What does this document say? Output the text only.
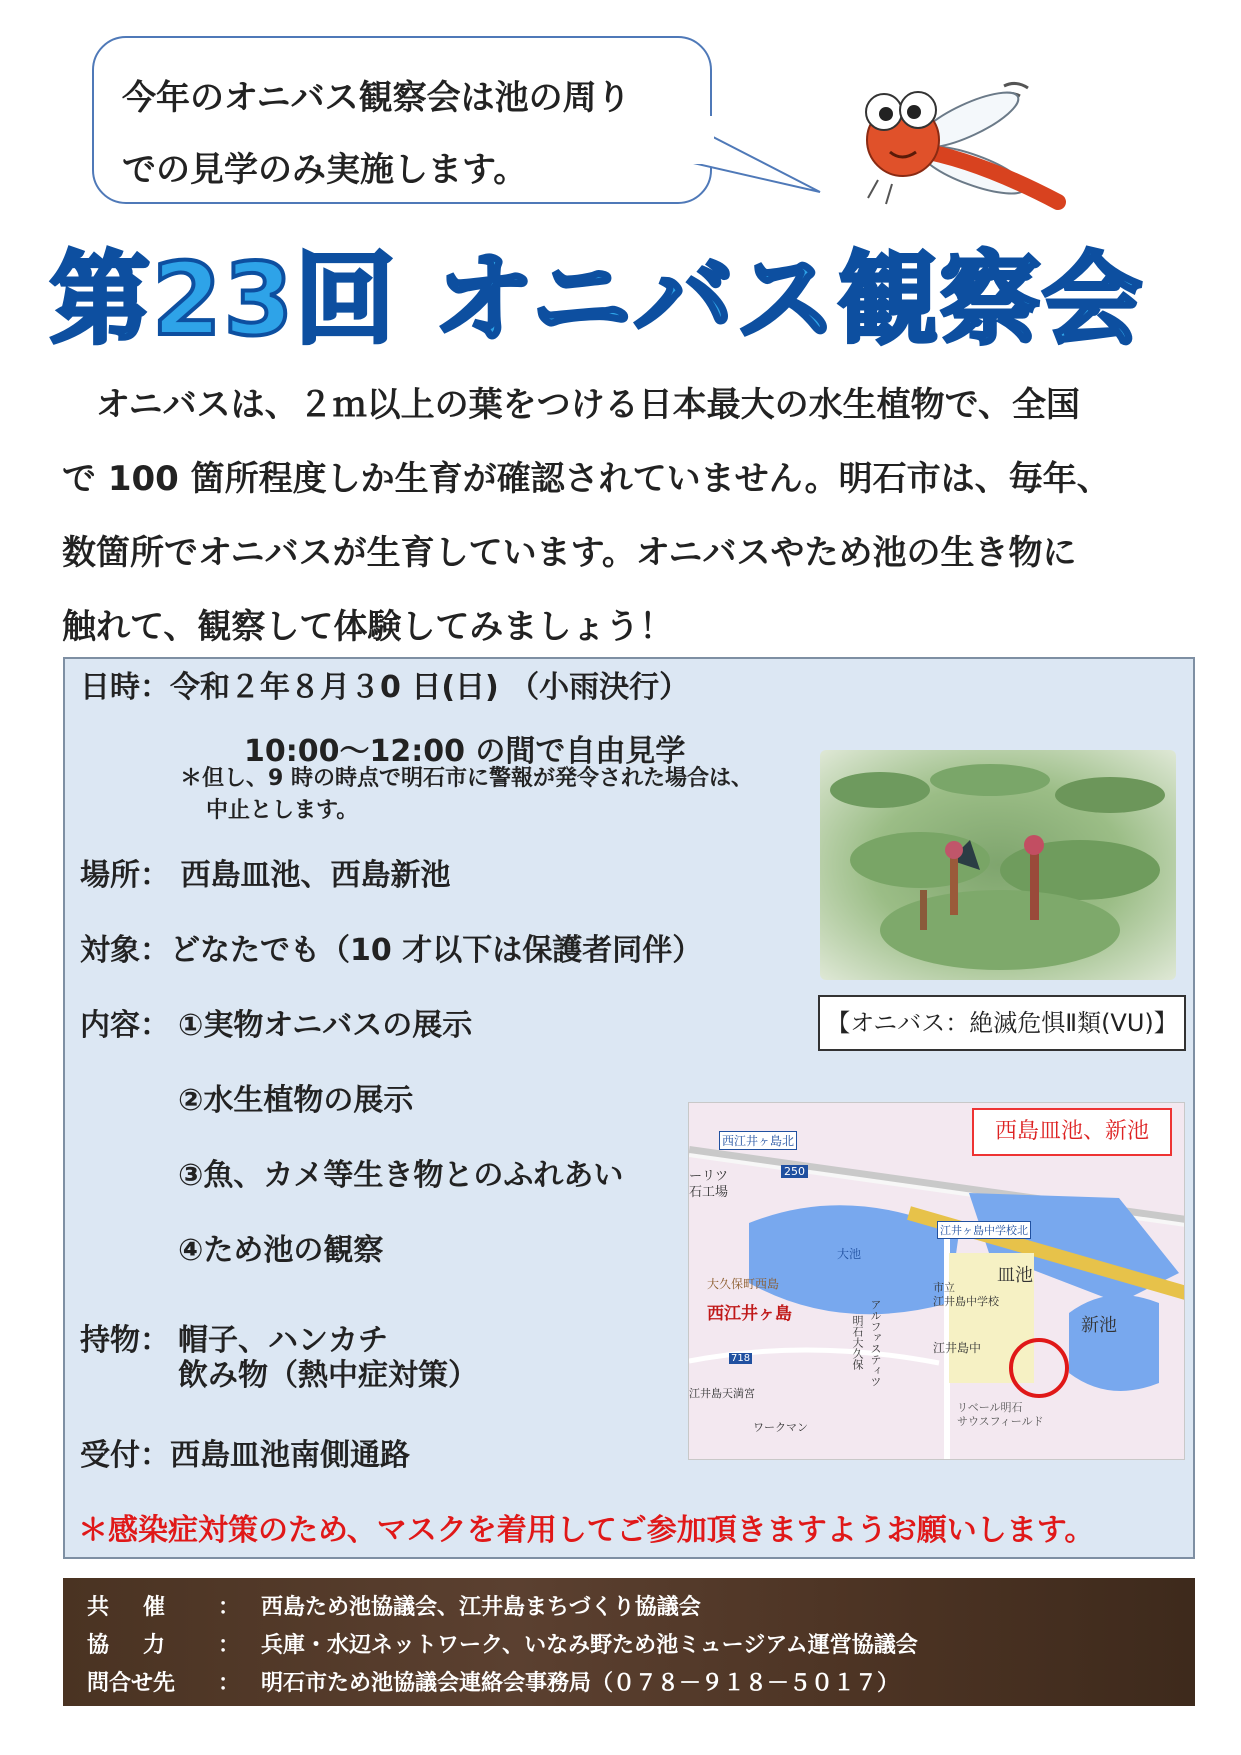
今年のオニバス観察会は池の周り
での見学のみ実施します。
第23回 オニバス観察会
オニバスは、２ｍ以上の葉をつける日本最大の水生植物で、全国
で 100 箇所程度しか生育が確認されていません。明石市は、毎年、
数箇所でオニバスが生育しています。オニバスやため池の生き物に
触れて、観察して体験してみましょう！
日時：令和２年８月３0 日(日) （小雨決行）
10:00～12:00 の間で自由見学
＊但し、9 時の時点で明石市に警報が発令された場合は、
中止とします。
場所： 西島皿池、西島新池
対象：どなたでも（10 才以下は保護者同伴）
内容： ①実物オニバスの展示
②水生植物の展示
③魚、カメ等生き物とのふれあい
④ため池の観察
持物： 帽子、ハンカチ
飲み物（熱中症対策）
受付：西島皿池南側通路
【オニバス：絶滅危惧Ⅱ類(VU)】
西江井ヶ島北
250
ーリツ
石工場
大池
江井ヶ島中学校北
大久保町西島
西江井ヶ島
皿池
新池
市立
江井島中学校
江井島中
アルファスティツ
明石大久保
718
江井島天満宮
ワークマン
リベール明石
サウスフィールド
西島皿池、新池
＊感染症対策のため、マスクを着用してご参加頂きますようお願いします。
共催 ： 西島ため池協議会、江井島まちづくり協議会
協力 ： 兵庫・水辺ネットワーク、いなみ野ため池ミュージアム運営協議会
問合せ先 ： 明石市ため池協議会連絡会事務局（０７８－９１８－５０１７）
